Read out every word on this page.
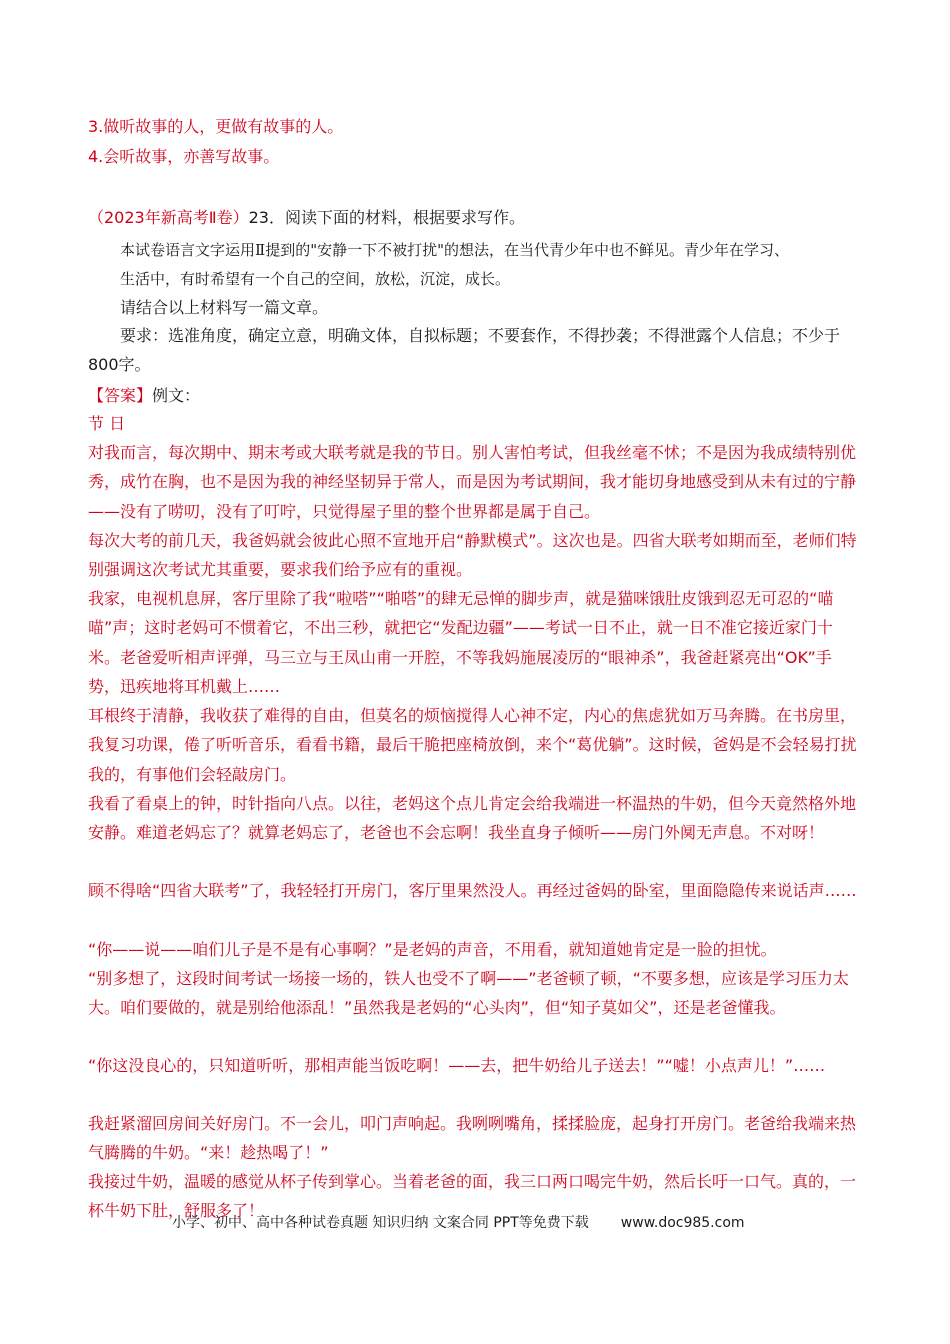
3.做听故事的人，更做有故事的人。
4.会听故事，亦善写故事。
（2023年新高考Ⅱ卷）23．阅读下面的材料，根据要求写作。
本试卷语言文字运用Ⅱ提到的"安静一下不被打扰"的想法，在当代青少年中也不鲜见。青少年在学习、
生活中，有时希望有一个自己的空间，放松，沉淀，成长。
请结合以上材料写一篇文章。
要求：选准角度，确定立意，明确文体，自拟标题；不要套作，不得抄袭；不得泄露个人信息；不少于800字。
【答案】例文：
节 日
对我而言，每次期中、期末考或大联考就是我的节日。别人害怕考试，但我丝毫不怵；不是因为我成绩特别优秀，成竹在胸，也不是因为我的神经坚韧异于常人，而是因为考试期间，我才能切身地感受到从未有过的宁静——没有了唠叨，没有了叮咛，只觉得屋子里的整个世界都是属于自己。
每次大考的前几天，我爸妈就会彼此心照不宣地开启“静默模式”。这次也是。四省大联考如期而至，老师们特别强调这次考试尤其重要，要求我们给予应有的重视。
我家，电视机息屏，客厅里除了我“啦嗒”“啪嗒”的肆无忌惮的脚步声，就是猫咪饿肚皮饿到忍无可忍的“喵喵”声；这时老妈可不惯着它，不出三秒，就把它“发配边疆”——考试一日不止，就一日不准它接近家门十米。老爸爱听相声评弹，马三立与王凤山甫一开腔，不等我妈施展凌厉的“眼神杀”，我爸赶紧亮出“OK”手势，迅疾地将耳机戴上……
耳根终于清静，我收获了难得的自由，但莫名的烦恼搅得人心神不定，内心的焦虑犹如万马奔腾。在书房里，我复习功课，倦了听听音乐，看看书籍，最后干脆把座椅放倒，来个“葛优躺”。这时候，爸妈是不会轻易打扰我的，有事他们会轻敲房门。
我看了看桌上的钟，时针指向八点。以往，老妈这个点儿肯定会给我端进一杯温热的牛奶，但今天竟然格外地安静。难道老妈忘了？就算老妈忘了，老爸也不会忘啊！我坐直身子倾听——房门外阒无声息。不对呀！
顾不得啥“四省大联考”了，我轻轻打开房门，客厅里果然没人。再经过爸妈的卧室，里面隐隐传来说话声……
“你——说——咱们儿子是不是有心事啊？”是老妈的声音，不用看，就知道她肯定是一脸的担忧。
“别多想了，这段时间考试一场接一场的，铁人也受不了啊——”老爸顿了顿，“不要多想，应该是学习压力太大。咱们要做的，就是别给他添乱！”虽然我是老妈的“心头肉”，但“知子莫如父”，还是老爸懂我。
“你这没良心的，只知道听听，那相声能当饭吃啊！——去，把牛奶给儿子送去！”“嘘！小点声儿！”……
我赶紧溜回房间关好房门。不一会儿，叩门声响起。我咧咧嘴角，揉揉脸庞，起身打开房门。老爸给我端来热气腾腾的牛奶。“来！趁热喝了！”
我接过牛奶，温暖的感觉从杯子传到掌心。当着老爸的面，我三口两口喝完牛奶，然后长吁一口气。真的，一杯牛奶下肚，舒服多了！
小学、初中、高中各种试卷真题 知识归纳 文案合同 PPT等免费下载 www.doc985.com
